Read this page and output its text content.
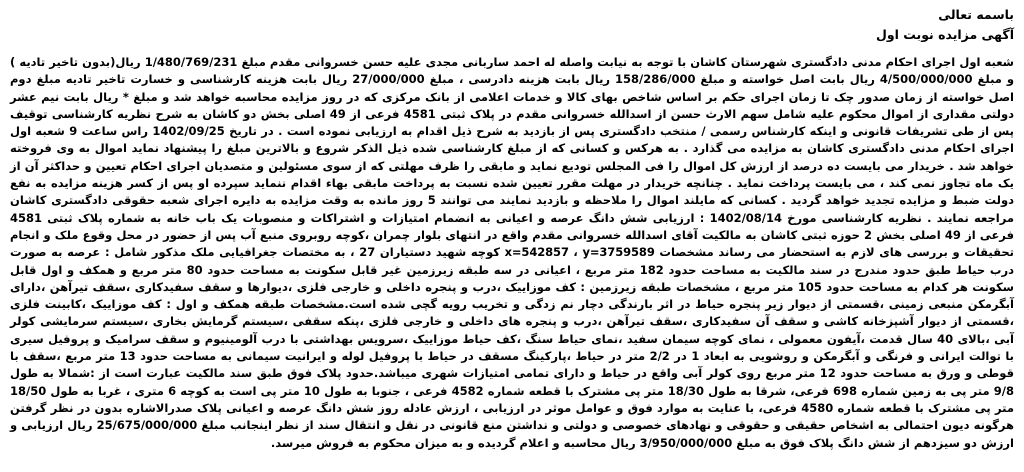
باسمه تعالی

آگهی مزایده نوبت اول

شعبه اول اجرای احکام مدنی دادگستری شهرستان کاشان با توجه به نیابت واصله له احمد ساربانی مجدی علیه حسن خسروانی مقدم مبلغ 1/480/769/231 ریال(بدون تاخیر تادیه ) و مبلغ 4/500/000/000 ریال بابت اصل خواسته و مبلغ 158/286/000 ریال بابت هزینه دادرسی ، مبلغ 27/000/000 ریال بابت هزینه کارشناسی و خسارت تاخیر تادیه مبلغ دوم اصل خواسته از زمان صدور چک تا زمان اجرای حکم بر اساس شاخص بهای کالا و خدمات اعلامی از بانک مرکزی که در روز مزایده محاسبه خواهد شد و مبلغ * ریال بابت نیم عشر دولتی مقداری از اموال محکوم علیه شامل سهم الارث حسن از اسدالله خسروانی مقدم در پلاک ثبتی 4581 فرعی از 49 اصلی بخش دو کاشان به شرح نظریه کارشناسی توقیف پس از طی تشریفات قانونی و اینکه کارشناس رسمی / منتخب دادگستری پس از بازدید به شرح ذیل اقدام به ارزیابی نموده است . در تاریخ 1402/09/25 راس ساعت 9 شعبه اول اجرای احکام مدنی دادگستری کاشان به مزایده می گذارد . به هرکس و کسانی که از مبلغ کارشناسی شده ذیل الذکر شروع و بالاترین مبلغ را پیشنهاد نماید اموال به وی فروخته خواهد شد . خریدار می بایست ده درصد از ارزش کل اموال را فی المجلس تودیع نماید و مابقی را ظرف مهلتی که از سوی مسئولین و متصدیان اجرای احکام تعیین و حداکثر آن از یک ماه تجاوز نمی کند ، می بایست پرداخت نماید . چنانچه خریدار در مهلت مقرر تعیین شده نسبت به پرداخت مابقی بهاء اقدام ننماید سپرده او پس از کسر هزینه مزایده به نفع دولت ضبط و مزایده تجدید خواهد گردید . کسانی که مایلند اموال را ملاحظه و بازدید نمایند می توانند 5 روز مانده به وقت مزایده به دایره اجرای شعبه حقوقی دادگستری کاشان مراجعه نمایند . نظریه کارشناسی مورخ 1402/08/14 : ارزیابی شش دانگ عرصه و اعیانی به انضمام امتیازات و اشتراکات و منصوبات یک باب خانه به شماره پلاک ثبتی 4581 فرعی از 49 اصلی بخش 2 حوزه ثبتی کاشان به مالکیت آقای اسدالله خسروانی مقدم واقع در انتهای بلوار چمران ،کوچه روبروی منبع آب پس از حضور در محل وقوع ملک و انجام تحقیقات و بررسی های لازم به استحضار می رساند مشخصات x=542857 ، y=3759589 کوچه شهید دستیاران 27 ، به مختصات جغرافیایی ملک مذکور شامل : عرصه به صورت درب حیاط طبق حدود مندرج در سند مالکیت به مساحت حدود 182 متر مربع ، اعیانی در سه طبقه زیرزمین غیر قابل سکونت به مساحت حدود 80 متر مربع و همکف و اول قابل سکونت هر کدام به مساحت حدود 105 متر مربع ، مشخصات طبقه زیرزمین : کف موزاییک ،درب و پنجره داخلی و خارجی فلزی ،دیوارها و سقف سفیدکاری ،سقف تیرآهن ،دارای آبگرمکن منبعی زمینی ،قسمتی از دیوار زیر پنجره حیاط در اثر بارندگی دچار نم زدگی و تخریب رویه گچی شده است.مشخصات طبقه همکف و اول : کف موزاییک ،کابینت فلزی ،قسمتی از دیوار آشپزخانه کاشی و سقف آن سفیدکاری ،سقف تیرآهن ،درب و پنجره های داخلی و خارجی فلزی ،پنکه سقفی ،سیستم گرمایش بخاری ،سیستم سرمایشی کولر آبی ،بالای 40 سال قدمت ،آیفون معمولی ، نمای کوچه سیمان سفید ،نمای حیاط سنگ ،کف حیاط موزاییک ،سرویس بهداشتی با درب آلومینیوم و سقف سرامیک و پروفیل سیری با توالت ایرانی و فرنگی و آبگرمکن و روشویی به ابعاد 1 در 2/2 متر در حیاط ،پارکینگ مسقف در حیاط با پروفیل لوله و ایرانیت سیمانی به مساحت حدود 13 متر مربع ،سقف با قوطی و ورق به مساحت حدود 12 متر مربع روی کولر آبی واقع در حیاط و دارای تمامی امتیازات شهری میباشد.حدود پلاک فوق طبق سند مالکیت عبارت است از :شمالا به طول 9/8 متر پی به زمین شماره 698 فرعی، شرقا به طول 18/30 متر پی مشترک با قطعه شماره 4582 فرعی ، جنوبا به طول 10 متر پی است به کوچه 6 متری ، غربا به طول 18/50 متر پی مشترک با قطعه شماره 4580 فرعی، با عنایت به موارد فوق و عوامل موثر در ارزیابی ، ارزش عادله روز شش دانگ عرصه و اعیانی پلاک صدرالاشاره بدون در نظر گرفتن هرگونه دیون احتمالی به اشخاص حقیقی و حقوقی و نهادهای خصوصی و دولتی و نداشتن منع قانونی در نقل و انتقال سند از نظر اینجانب مبلغ 25/675/000/000 ریال ارزیابی و ارزش دو سیزدهم از شش دانگ پلاک فوق به مبلغ 3/950/000/000 ریال محاسبه و اعلام گردیده و به میزان محکوم به فروش میرسد.
